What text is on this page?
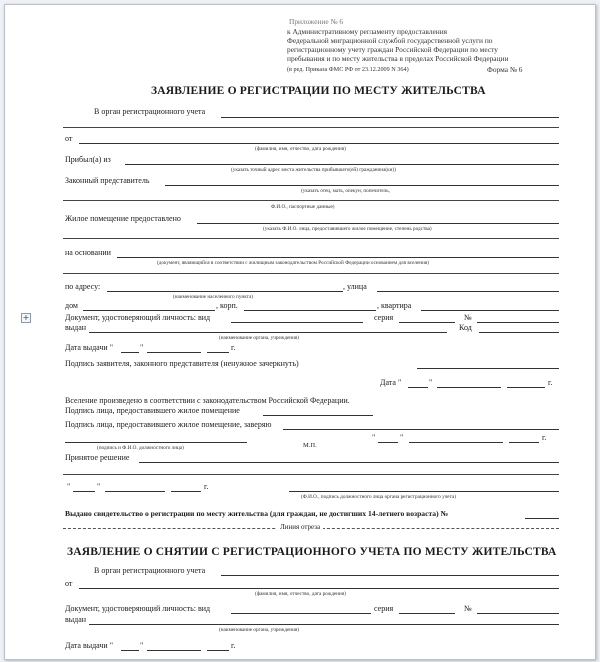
Приложение № 6
к Административному регламенту предоставления
Федеральной миграционной службой государственной услуги по
регистрационному учету граждан Российской Федерации по месту
пребывания и по месту жительства в пределах Российской Федерации
(в ред. Приказа ФМС РФ от 23.12.2009 N 364)	Форма № 6
ЗАЯВЛЕНИЕ О РЕГИСТРАЦИИ ПО МЕСТУ ЖИТЕЛЬСТВА
В орган регистрационного учета
от
(фамилия, имя, отчество, дата рождения)
Прибыл(а) из
(указать точный адрес места жительства прибывшего(ей) гражданина(ки))
Законный представитель
(указать отец, мать, опекун, попечитель,
Ф.И.О., паспортные данные)
Жилое помещение предоставлено
(указать Ф.И.О. лица, предоставившего жилое помещение, степень родства)
на основании
(документ, являющийся в соответствии с жилищным законодательством Российской Федерации основанием для вселения)
по адресу:	, улица
(наименование населенного пункта)
дом	, корп.	, квартира
+	Документ, удостоверяющий личность: вид	серия	№
выдан	Код
(наименование органа, учреждения)
Дата выдачи "	"	г.
Подпись заявителя, законного представителя (ненужное зачеркнуть)
Дата "	"	г.
Вселение произведено в соответствии с законодательством Российской Федерации.
Подпись лица, предоставившего жилое помещение
Подпись лица, предоставившего жилое помещение, заверяю
(подпись и Ф.И.О. должностного лица)	М.П.
"	"	г.
Принятое решение
"	"	г.
(Ф.И.О., подпись должностного лица органа регистрационного учета)
Выдано свидетельство о регистрации по месту жительства (для граждан, не достигших 14-летнего возраста) №
Линия отреза
ЗАЯВЛЕНИЕ О СНЯТИИ С РЕГИСТРАЦИОННОГО УЧЕТА ПО МЕСТУ ЖИТЕЛЬСТВА
В орган регистрационного учета
от
(фамилия, имя, отчество, дата рождения)
Документ, удостоверяющий личность: вид	серия	№
выдан
(наименование органа, учреждения)
Дата выдачи "	"	г.
